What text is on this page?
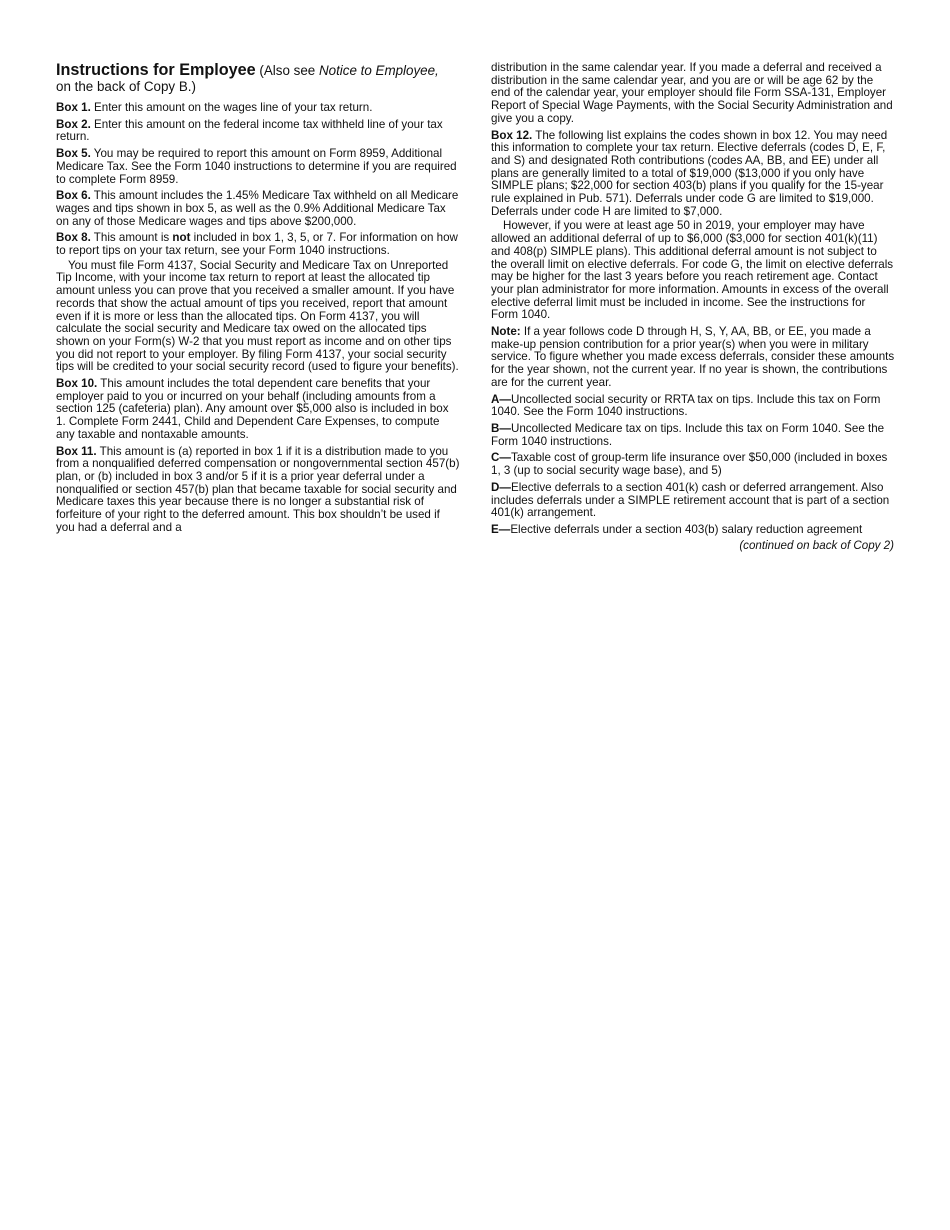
Instructions for Employee (Also see Notice to Employee,
on the back of Copy B.)

Box 1. Enter this amount on the wages line of your tax return.

Box 2. Enter this amount on the federal income tax withheld line of your tax return.

Box 5. You may be required to report this amount on Form 8959, Additional Medicare Tax. See the Form 1040 instructions to determine if you are required to complete Form 8959.

Box 6. This amount includes the 1.45% Medicare Tax withheld on all Medicare wages and tips shown in box 5, as well as the 0.9% Additional Medicare Tax on any of those Medicare wages and tips above $200,000.

Box 8. This amount is not included in box 1, 3, 5, or 7. For information on how to report tips on your tax return, see your Form 1040 instructions.

You must file Form 4137, Social Security and Medicare Tax on Unreported Tip Income, with your income tax return to report at least the allocated tip amount unless you can prove that you received a smaller amount. If you have records that show the actual amount of tips you received, report that amount even if it is more or less than the allocated tips. On Form 4137, you will calculate the social security and Medicare tax owed on the allocated tips shown on your Form(s) W-2 that you must report as income and on other tips you did not report to your employer. By filing Form 4137, your social security tips will be credited to your social security record (used to figure your benefits).

Box 10. This amount includes the total dependent care benefits that your employer paid to you or incurred on your behalf (including amounts from a section 125 (cafeteria) plan). Any amount over $5,000 also is included in box 1. Complete Form 2441, Child and Dependent Care Expenses, to compute any taxable and nontaxable amounts.

Box 11. This amount is (a) reported in box 1 if it is a distribution made to you from a nonqualified deferred compensation or nongovernmental section 457(b) plan, or (b) included in box 3 and/or 5 if it is a prior year deferral under a nonqualified or section 457(b) plan that became taxable for social security and Medicare taxes this year because there is no longer a substantial risk of forfeiture of your right to the deferred amount. This box shouldn’t be used if you had a deferral and a

distribution in the same calendar year. If you made a deferral and received a distribution in the same calendar year, and you are or will be age 62 by the end of the calendar year, your employer should file Form SSA-131, Employer Report of Special Wage Payments, with the Social Security Administration and give you a copy.

Box 12. The following list explains the codes shown in box 12. You may need this information to complete your tax return. Elective deferrals (codes D, E, F, and S) and designated Roth contributions (codes AA, BB, and EE) under all plans are generally limited to a total of $19,000 ($13,000 if you only have SIMPLE plans; $22,000 for section 403(b) plans if you qualify for the 15-year rule explained in Pub. 571). Deferrals under code G are limited to $19,000. Deferrals under code H are limited to $7,000.

However, if you were at least age 50 in 2019, your employer may have allowed an additional deferral of up to $6,000 ($3,000 for section 401(k)(11) and 408(p) SIMPLE plans). This additional deferral amount is not subject to the overall limit on elective deferrals. For code G, the limit on elective deferrals may be higher for the last 3 years before you reach retirement age. Contact your plan administrator for more information. Amounts in excess of the overall elective deferral limit must be included in income. See the instructions for Form 1040.

Note: If a year follows code D through H, S, Y, AA, BB, or EE, you made a make-up pension contribution for a prior year(s) when you were in military service. To figure whether you made excess deferrals, consider these amounts for the year shown, not the current year. If no year is shown, the contributions are for the current year.

A—Uncollected social security or RRTA tax on tips. Include this tax on Form 1040. See the Form 1040 instructions.

B—Uncollected Medicare tax on tips. Include this tax on Form 1040. See the Form 1040 instructions.

C—Taxable cost of group-term life insurance over $50,000 (included in boxes 1, 3 (up to social security wage base), and 5)

D—Elective deferrals to a section 401(k) cash or deferred arrangement. Also includes deferrals under a SIMPLE retirement account that is part of a section 401(k) arrangement.

E—Elective deferrals under a section 403(b) salary reduction agreement

(continued on back of Copy 2)
